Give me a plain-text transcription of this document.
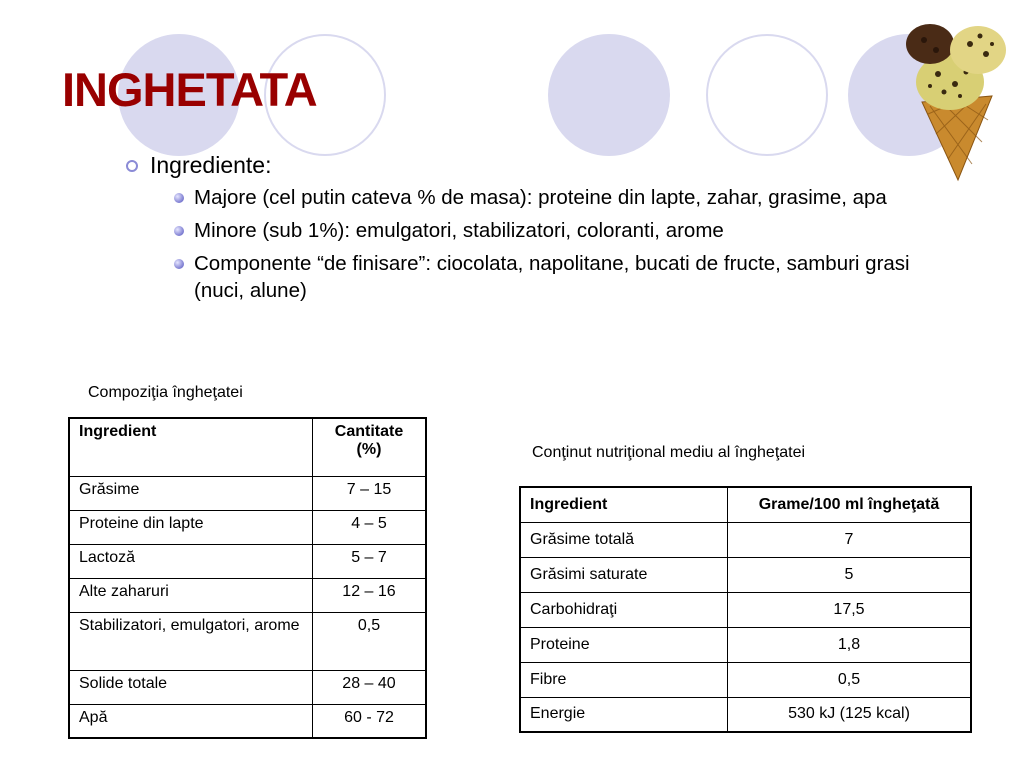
INGHETATA
Ingrediente:
Majore (cel putin cateva % de masa): proteine din lapte, zahar, grasime, apa
Minore (sub 1%): emulgatori, stabilizatori, coloranti, arome
Componente “de finisare”: ciocolata, napolitane, bucati de fructe, samburi grasi (nuci, alune)
Compoziţia îngheţatei
Ingredient	Cantitate (%)
Grăsime	7 – 15
Proteine din lapte	4 – 5
Lactoză	5 – 7
Alte zaharuri	12 – 16
Stabilizatori, emulgatori, arome	0,5
Solide totale	28 – 40
Apă	60 - 72
Conţinut nutriţional mediu al îngheţatei
Ingredient	Grame/100 ml îngheţată
Grăsime totală	7
Grăsimi saturate	5
Carbohidraţi	17,5
Proteine	1,8
Fibre	0,5
Energie	530 kJ (125 kcal)
